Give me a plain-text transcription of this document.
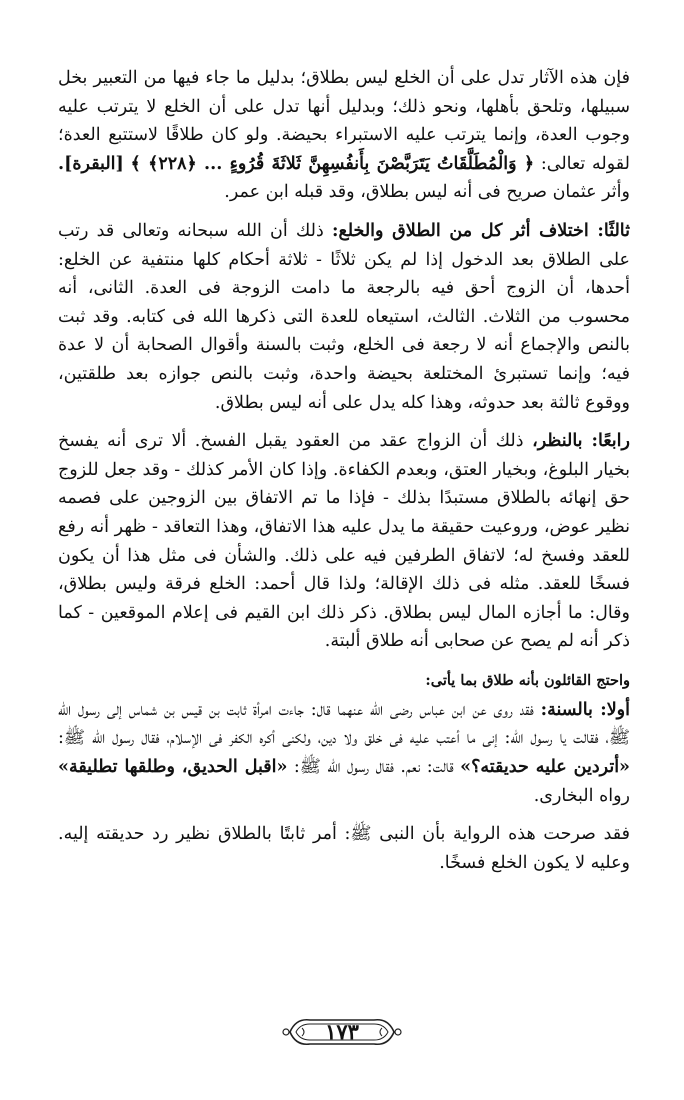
فإن هذه الآثار تدل على أن الخلع ليس بطلاق؛ بدليل ما جاء فيها من التعبير بخل سبيلها، وتلحق بأهلها، ونحو ذلك؛ وبدليل أنها تدل على أن الخلع لا يترتب عليه وجوب العدة، وإنما يترتب عليه الاستبراء بحيضة. ولو كان طلاقًا لاستتبع العدة؛ لقوله تعالى: ﴿ وَالْمُطَلَّقَاتُ يَتَرَبَّصْنَ بِأَنفُسِهِنَّ ثَلاثَةَ قُرُوءٍ ... ﴿٢٢٨﴾ ﴾ [البقرة]. وأثر عثمان صريح فى أنه ليس بطلاق، وقد قبله ابن عمر.

ثالثًا: اختلاف أثر كل من الطلاق والخلع: ذلك أن الله سبحانه وتعالى قد رتب على الطلاق بعد الدخول إذا لم يكن ثلاثًا - ثلاثة أحكام كلها منتفية عن الخلع: أحدها، أن الزوج أحق فيه بالرجعة ما دامت الزوجة فى العدة. الثانى، أنه محسوب من الثلاث. الثالث، استيعاه للعدة التى ذكرها الله فى كتابه. وقد ثبت بالنص والإجماع أنه لا رجعة فى الخلع، وثبت بالسنة وأقوال الصحابة أن لا عدة فيه؛ وإنما تستبرئ المختلعة بحيضة واحدة، وثبت بالنص جوازه بعد طلقتين، ووقوع ثالثة بعد حدوثه، وهذا كله يدل على أنه ليس بطلاق.

رابعًا: بالنظر، ذلك أن الزواج عقد من العقود يقبل الفسخ. ألا ترى أنه يفسخ بخيار البلوغ، وبخيار العتق، وبعدم الكفاءة. وإذا كان الأمر كذلك - وقد جعل للزوج حق إنهائه بالطلاق مستبدًا بذلك - فإذا ما تم الاتفاق بين الزوجين على فصمه نظير عوض، وروعيت حقيقة ما يدل عليه هذا الاتفاق، وهذا التعاقد - ظهر أنه رفع للعقد وفسخ له؛ لاتفاق الطرفين فيه على ذلك. والشأن فى مثل هذا أن يكون فسخًا للعقد. مثله فى ذلك الإقالة؛ ولذا قال أحمد: الخلع فرقة وليس بطلاق، وقال: ما أجازه المال ليس بطلاق. ذكر ذلك ابن القيم فى إعلام الموقعين - كما ذكر أنه لم يصح عن صحابى أنه طلاق ألبتة.

واحتج القائلون بأنه طلاق بما يأتى:

أولا: بالسنة: فقد روى عن ابن عباس رضى الله عنهما قال: جاءت امرأة ثابت بن قيس بن شماس إلى رسول الله ﷺ، فقالت يا رسول الله: إنى ما أعتب عليه فى خلق ولا دين، ولكنى أكره الكفر فى الإسلام، فقال رسول الله ﷺ: «أتردين عليه حديقته؟» قالت: نعم. فقال رسول الله ﷺ: «اقبل الحديق، وطلقها تطليقة» رواه البخارى.

فقد صرحت هذه الرواية بأن النبى ﷺ: أمر ثابتًا بالطلاق نظير رد حديقته إليه. وعليه لا يكون الخلع فسخًا.

١٧٣
